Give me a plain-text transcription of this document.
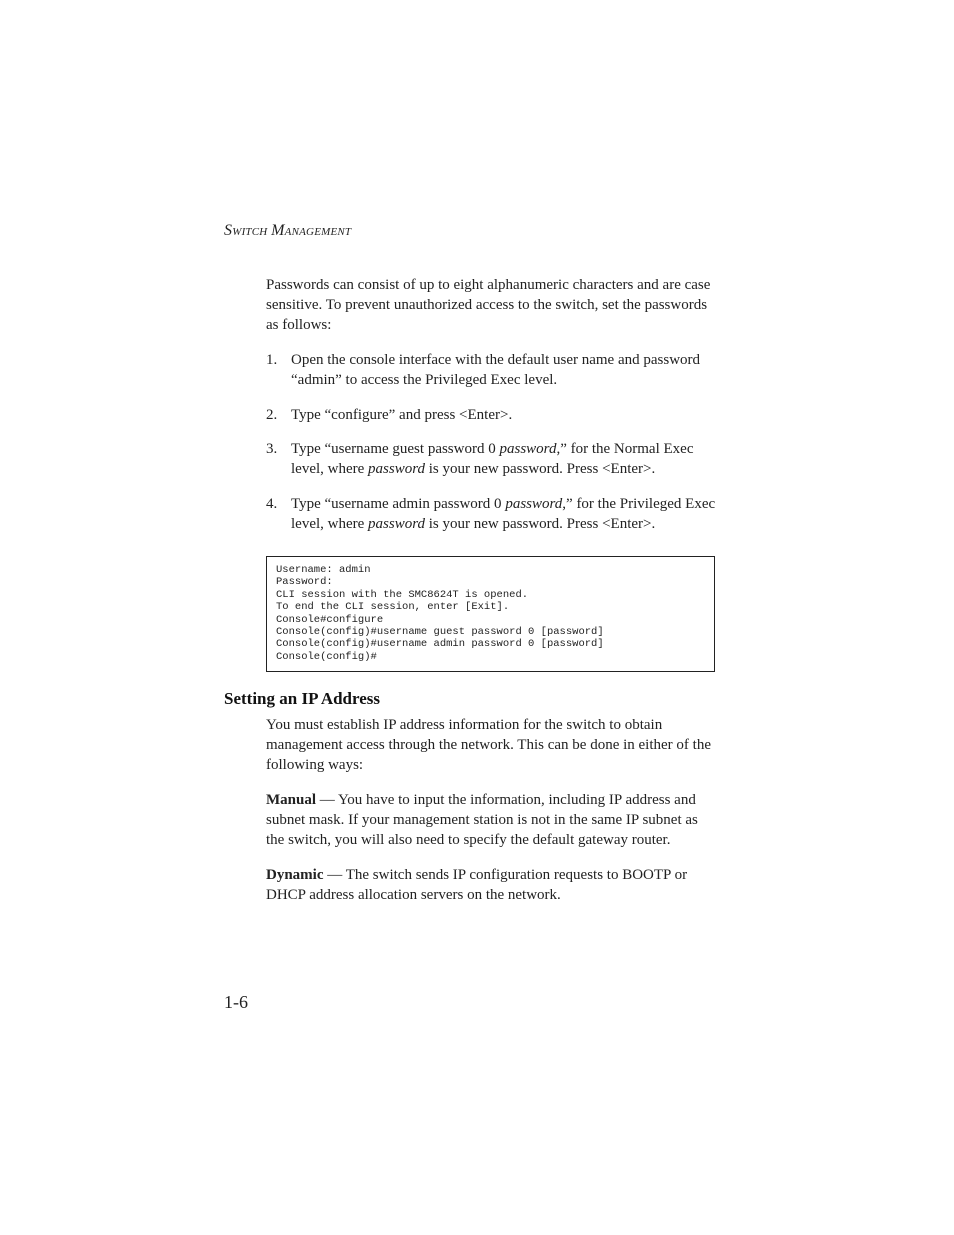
SWITCH MANAGEMENT

Passwords can consist of up to eight alphanumeric characters and are case sensitive. To prevent unauthorized access to the switch, set the passwords as follows:

1. Open the console interface with the default user name and password “admin” to access the Privileged Exec level.
2. Type “configure” and press <Enter>.
3. Type “username guest password 0 password,” for the Normal Exec level, where password is your new password. Press <Enter>.
4. Type “username admin password 0 password,” for the Privileged Exec level, where password is your new password. Press <Enter>.
Username: admin
Password:
CLI session with the SMC8624T is opened.
To end the CLI session, enter [Exit].
Console#configure
Console(config)#username guest password 0 [password]
Console(config)#username admin password 0 [password]
Console(config)#
Setting an IP Address

You must establish IP address information for the switch to obtain management access through the network. This can be done in either of the following ways:

Manual — You have to input the information, including IP address and subnet mask. If your management station is not in the same IP subnet as the switch, you will also need to specify the default gateway router.

Dynamic — The switch sends IP configuration requests to BOOTP or DHCP address allocation servers on the network.

1-6
